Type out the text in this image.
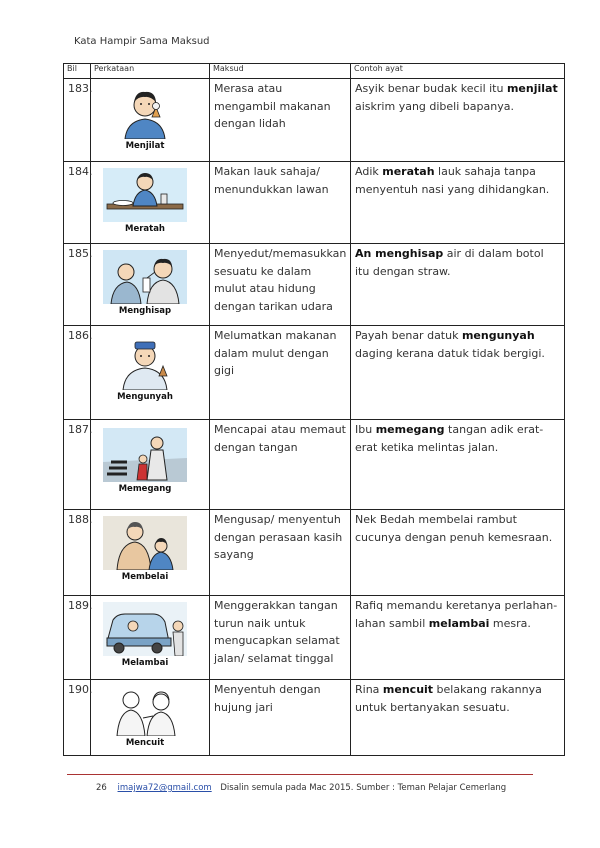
Kata Hampir Sama Maksud
Bil	Perkataan	Maksud	Contoh ayat
183.	Menjilat	Merasa atau mengambil makanan dengan lidah	Asyik benar budak kecil itu menjilat aiskrim yang dibeli bapanya.
184.	Meratah	Makan lauk sahaja/ menundukkan lawan	Adik meratah lauk sahaja tanpa menyentuh nasi yang dihidangkan.
185.	Menghisap	Menyedut/memasukkan sesuatu ke dalam mulut atau hidung dengan tarikan udara	An menghisap air di dalam botol itu dengan straw.
186.	Mengunyah	Melumatkan makanan dalam mulut dengan gigi	Payah benar datuk mengunyah daging kerana datuk tidak bergigi.
187.	Memegang	Mencapai atau memaut dengan tangan	Ibu memegang tangan adik erat-erat ketika melintas jalan.
188.	Membelai	Mengusap/ menyentuh dengan perasaan kasih sayang	Nek Bedah membelai rambut cucunya dengan penuh kemesraan.
189.	Melambai	Menggerakkan tangan turun naik untuk mengucapkan selamat jalan/ selamat tinggal	Rafiq memandu keretanya perlahan-lahan sambil melambai mesra.
190.	Mencuit	Menyentuh dengan hujung jari	Rina mencuit belakang rakannya untuk bertanyakan sesuatu.
26 imajwa72@gmail.com Disalin semula pada Mac 2015. Sumber : Teman Pelajar Cemerlang
